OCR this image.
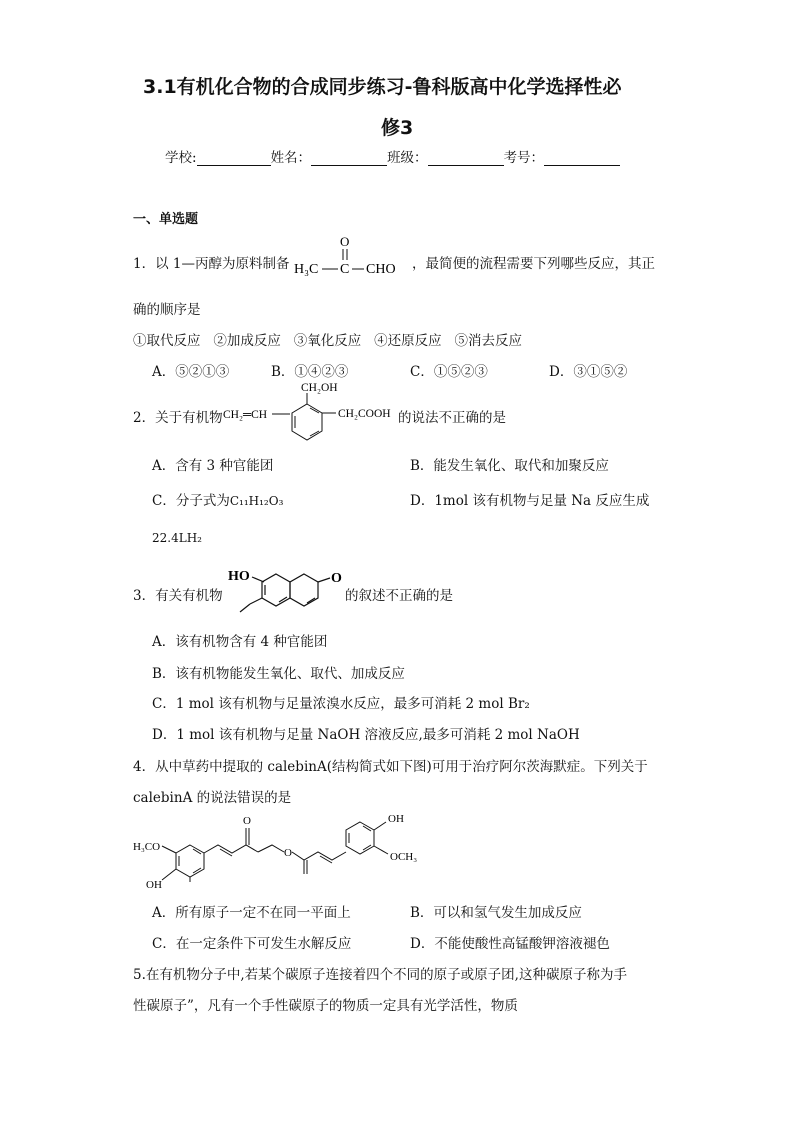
3.1有机化合物的合成同步练习-鲁科版高中化学选择性必
修3
学校:	姓名：	班级：	考号：
一、单选题
1．以 1—丙醇为原料制备
O
H₃C C CHO ，最简便的流程需要下列哪些反应，其正
确的顺序是
①取代反应   ②加成反应   ③氧化反应   ④还原反应   ⑤消去反应
A．⑤②①③	B．①④②③	C．①⑤②③	D．③①⑤②
2．关于有机物 CH₂═CH
CH₂OH
CH₂COOH 的说法不正确的是
A．含有 3 种官能团	B．能发生氧化、取代和加聚反应
C．分子式为C₁₁H₁₂O₃	D．1mol 该有机物与足量 Na 反应生成
22.4LH₂
3．有关有机物
HO	O
的叙述不正确的是
A．该有机物含有 4 种官能团
B．该有机物能发生氧化、取代、加成反应
C．1 mol 该有机物与足量浓溴水反应，最多可消耗 2 mol Br₂
D．1 mol 该有机物与足量 NaOH 溶液反应,最多可消耗 2 mol NaOH
4．从中草药中提取的 calebinA(结构简式如下图)可用于治疗阿尔茨海默症。下列关于
calebinA 的说法错误的是
H₃CO
OH
O
O
OH
OCH₃
A．所有原子一定不在同一平面上	B．可以和氢气发生加成反应
C．在一定条件下可发生水解反应	D．不能使酸性高锰酸钾溶液褪色
5.在有机物分子中,若某个碳原子连接着四个不同的原子或原子团,这种碳原子称为手
性碳原子”，凡有一个手性碳原子的物质一定具有光学活性，物质
